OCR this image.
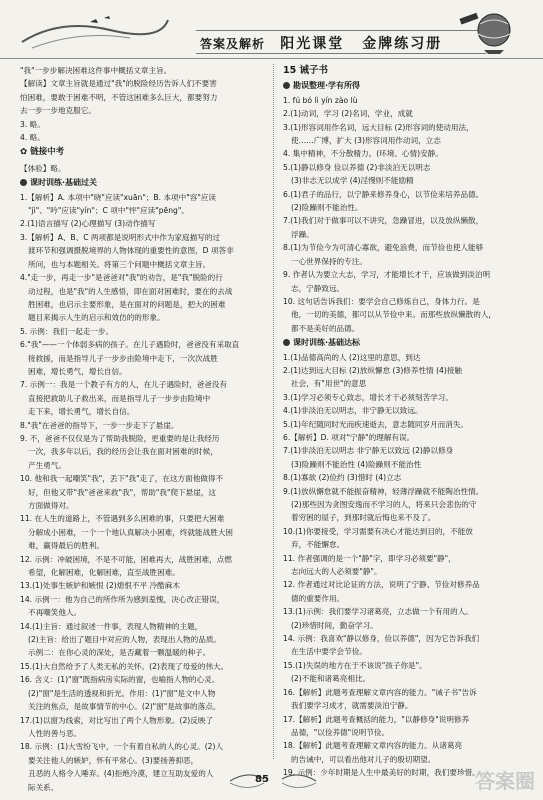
答案及解析 阳光课堂 金牌练习册
"我"一步步解决困难这件事中概括文章主旨。
【解读】文章主旨就是通过"我"的脱险经历告诉人们不要害
怕困难，要敢于困难不明，不管这困难多么巨大，都要努力
去一步一步地克服它。
3. 略。
4. 略。
✿ 链接中考
【体验】略。
课时训练·基础过关
1.【解析】A. 本项中"晓"应读"xuān"；B. 本项中"容"应读
"jì"、"吟"应读"yín"；C 项中"怦"应读"pēng"。
2.(1)语言描写 (2)心理描写 (3)动作描写
3.【解析】A、B、C 两项都是说明形式中作为家庭描写的过
渡环节和强调摄脱境界的人物体现的重要性的意图，D 项答非
所问，也与本题相关。将第三个问题中概括文章主旨。
4."走一步，再走一步"是爸爸对"我"的劝告，是"我"脱险的行
动过程，也是"我"的人生感悟，即在面对困难时，要在的去战
胜困难，也启示主要形象，是在面对的问题是，把大的困难
题目来揭示人生的启示和效仿的的形象。
5. 示例：我们一起走一步。
6."我"——一个体弱多病的孩子。在儿子遇险时，爸爸没有采取直
接救援，而是指导儿子一步步由险境中走下，一次次战胜
困难，增长勇气，增长自信。
7. 示例一：我是一个教子有方的人，在儿子遇险时，爸爸没有
直接把救助儿子救出来，而是指导儿子一步步由险境中
走下来，增长勇气，增长自信。
8."我"在爸爸的指导下，一步一步走下了悬崖。
9. 不，爸爸不仅仅是为了帮助我脱险，更重要的是让我经历
一次，我多年以后，我的经历会让我在面对困难的时候，
产生勇气。
10. 他和我一起嘲笑"我"，丢下"我"走了，在这方面他做得不
好，但他又带"我"爸爸来救"我"，帮助"我"爬下悬崖，这
方面做得对。
11. 在人生的道路上，不管遇到多么困难的事，只要把大困难
分解成小困难，一个一个地认真解决小困难，终就能战胜大困
难，赢得最后的胜利。
12. 示例：冲破困境，不是不可能，困难再大，战胜困难，点燃
希望，化解困难，化解困难，直至战胜困难。
13.(1)处事生嫉妒和嫉恨 (2)熄恨不平 冷酷麻木
14. 示例一：他为自己的所作所为感到羞愧，决心改正错误，
不再嘲笑他人。
14.(1)主旨：通过叙述一件事，表现人物精神的主题，
(2)主旨：给出了题目中对应的人物，表现出人物的品质。
示例二：在你心灵的深处，是否藏着一颗温暖的种子。
15.(1)大自然给予了人类无私的关怀。(2)表现了母爱的伟大。
16. 含义：(1)"窗"既指病房实际的窗，也喻指人物的心灵。
(2)"窗"是生活的透视和折光。作用：(1)"窗"是文中人物
关注的焦点，是故事情节的中心。(2)"窗"是故事的落点。
17.(1)以窗为线索，对比写出了两个人物形象。(2)反映了
人性的善与恶。
18. 示例：(1)大雪纷飞中，一个有着自私的人的心灵。(2)人
要关注他人的嫉妒，怀有平常心。(3)要扬善抑恶，
丑恶的人格令人唾弃。(4)拒绝冷漠，建立互助友爱的人
际关系。
15 诫子书
勘误整理·学有所得
1. fú bó lì yín zào lù
2.(1)动词，学习 (2)名词，学业，成就
3.(1)形容词用作名词，远大目标 (2)形容词的使动用法，
使……广博，扩大 (3)形容词用作动词，立志
4. 集中精神，不分散精力。(环境、心情)安静。
5.(1)静以修身 俭以养德 (2)非淡泊无以明志
(3)非志无以成学 (4)淫慢则不能励精
6.(1)君子的品行，以宁静来修养身心，以节俭来培养品德。
(2)险躁则不能治性。
7.(1)我们对于做事可以不讲究，急躁冒进，以及放纵懒散，
浮躁。
8.(1)为节俭今为可清心寡欲，避免浪费，而节俭也使人能够
一心世界保持的专注。
9. 作者认为要立大志，学习，才能增长才干，应该做到淡泊明
志，宁静致远。
10. 这句话告诉我们：要学会自己修炼自己，身体力行。是
他，一切的美德，都可以从节俭中来。而那些放纵懒散的人，
都不是美好的品德。
课时训练·基础达标
1.(1)品德高尚的人 (2)这里的意思，到达
2.(1)达到远大目标 (2)放纵懈怠 (3)修养性情 (4)接触
社会，有"用世"的意思
3.(1)学习必须专心致志，增长才干必须刻苦学习。
4.(1)非淡泊无以明志，非宁静无以致远。
5.(1)年纪随同时光而疾速逝去，意志随同岁月而消失。
6.【解析】D. 项对"宁静"的理解有误。
7.(1)非淡泊无以明志 非宁静无以致远 (2)静以修身
(3)险躁则不能治性 (4)险躁则不能治性
8.(1)寡欲 (2)俭约 (3)惜时 (4)立志
9.(1)放纵懈怠就不能振奋精神，轻薄浮躁就不能陶冶性情。
(2)那些因为贪图安逸而不学习的人，将来只会悲伤的守
着穷困的屋子，到那时就后悔也来不及了。
10.(1)你要接受，学习需要有决心才能达到目的，不能放
弃，不能懈怠。
11. 作者强调的是一个"静"字，即学习必须要"静"，
志向远大的人必须要"静"。
12. 作者通过对比论证的方法，说明了宁静、节俭对修养品
德的重要作用。
13.(1)示例：我们要学习诸葛亮，立志做一个有用的人。
(2)珍惜时间，勤奋学习。
14. 示例：我喜欢"静以修身，俭以养德"，因为它告诉我们
在生活中要学会节俭。
15.(1)失误的地方在于不该说"孩子你是"。
(2)不能和诸葛亮相比。
16.【解析】此题考查理解文章内容的能力。"诫子书"告诉
我们要学习成才，就需要淡泊宁静。
17.【解析】此题考查概括的能力，"以静修身"说明修养
品德，"以俭养德"说明节俭。
18.【解析】此题考查理解文章内容的能力。从诸葛亮
的告诫中，可以看出他对儿子的殷切期望。
19. 示例：少年时期是人生中最美好的时期，我们要珍惜。
85	答案圈
